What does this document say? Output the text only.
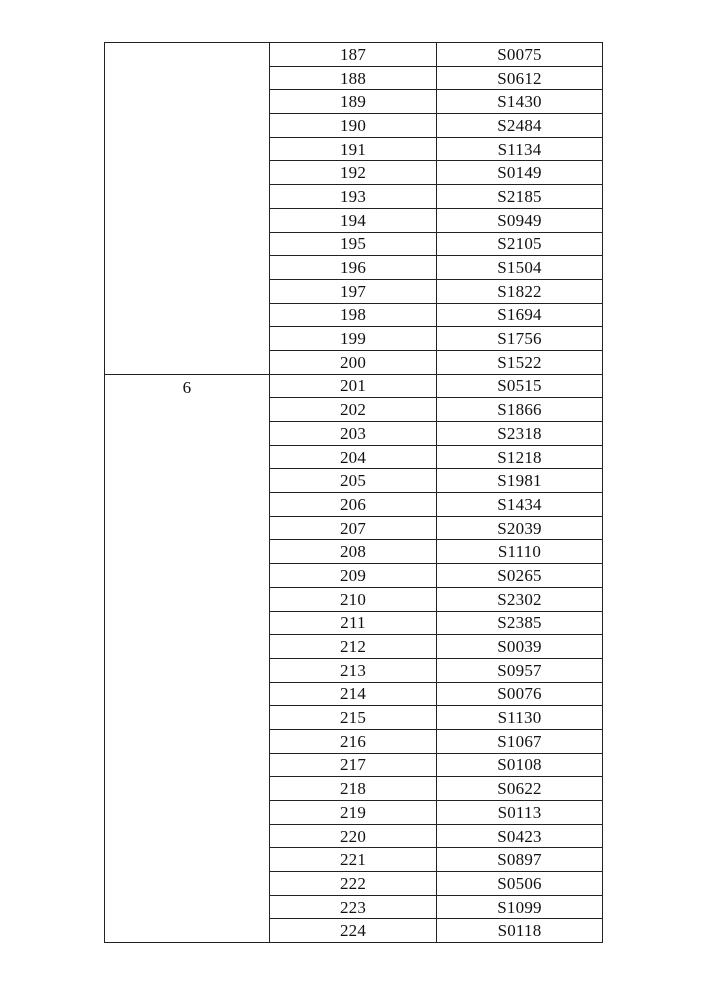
	187	S0075
	188	S0612
	189	S1430
	190	S2484
	191	S1134
	192	S0149
	193	S2185
	194	S0949
	195	S2105
	196	S1504
	197	S1822
	198	S1694
	199	S1756
	200	S1522
6	201	S0515
	202	S1866
	203	S2318
	204	S1218
	205	S1981
	206	S1434
	207	S2039
	208	S1110
	209	S0265
	210	S2302
	211	S2385
	212	S0039
	213	S0957
	214	S0076
	215	S1130
	216	S1067
	217	S0108
	218	S0622
	219	S0113
	220	S0423
	221	S0897
	222	S0506
	223	S1099
	224	S0118
